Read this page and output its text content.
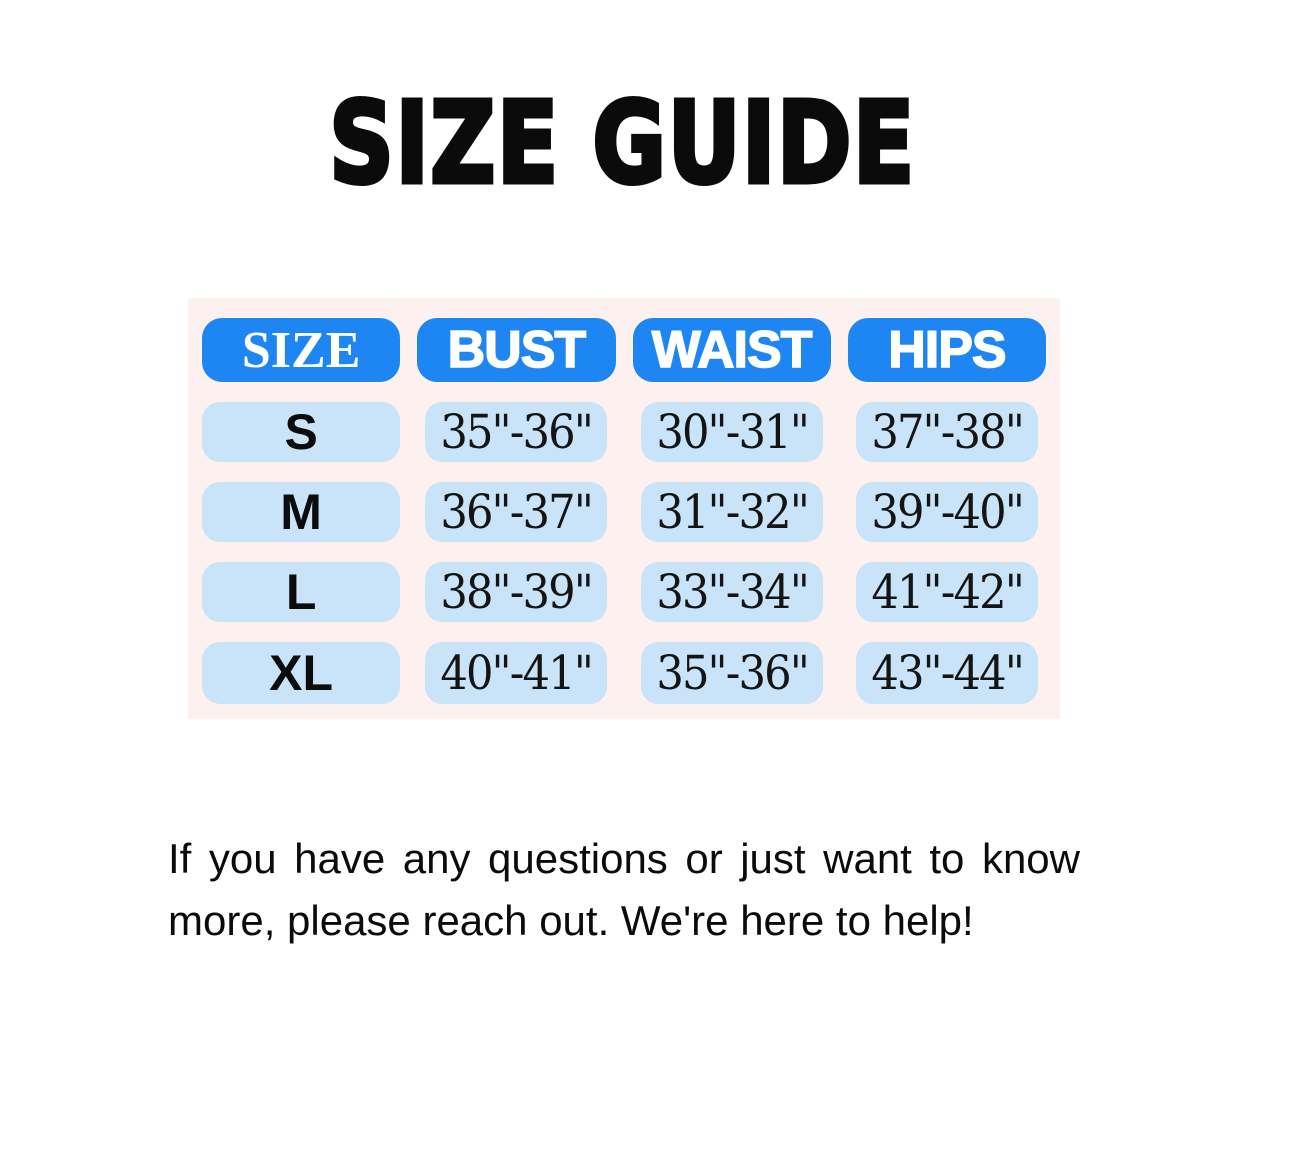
SIZE GUIDE
SIZE	BUST	WAIST	HIPS
S	35"-36"	30"-31"	37"-38"
M	36"-37"	31"-32"	39"-40"
L	38"-39"	33"-34"	41"-42"
XL	40"-41"	35"-36"	43"-44"

If you have any questions or just want to know more, please reach out. We're here to help!
